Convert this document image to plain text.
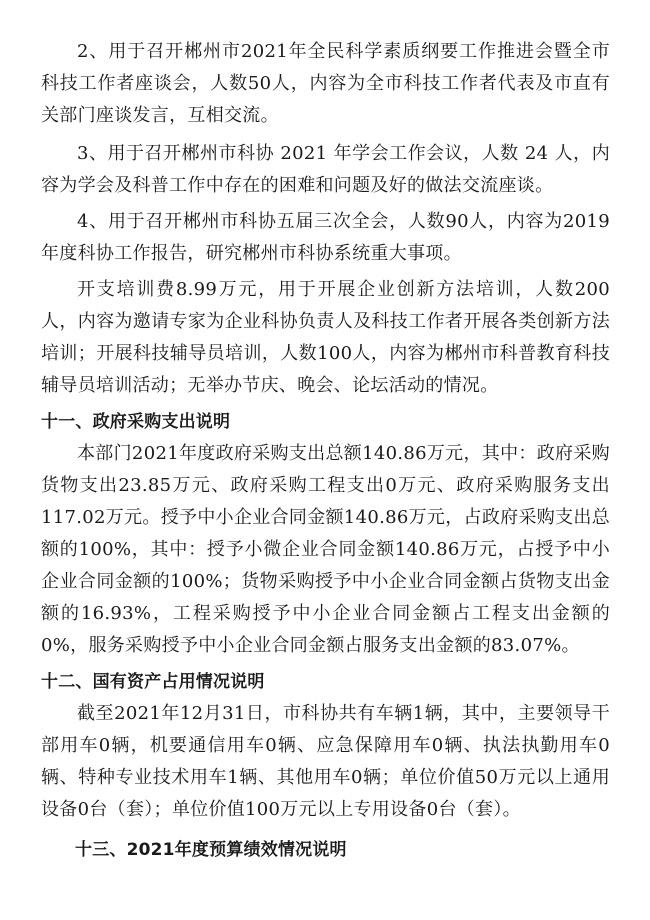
2、用于召开郴州市2021年全民科学素质纲要工作推进会暨全市科技工作者座谈会，人数50人，内容为全市科技工作者代表及市直有关部门座谈发言，互相交流。

3、用于召开郴州市科协 2021 年学会工作会议，人数 24 人，内容为学会及科普工作中存在的困难和问题及好的做法交流座谈。

4、用于召开郴州市科协五届三次全会，人数90人，内容为2019年度科协工作报告，研究郴州市科协系统重大事项。

开支培训费8.99万元，用于开展企业创新方法培训，人数200人，内容为邀请专家为企业科协负责人及科技工作者开展各类创新方法培训；开展科技辅导员培训，人数100人，内容为郴州市科普教育科技辅导员培训活动；无举办节庆、晚会、论坛活动的情况。

十一、政府采购支出说明

本部门2021年度政府采购支出总额140.86万元，其中：政府采购货物支出23.85万元、政府采购工程支出0万元、政府采购服务支出117.02万元。授予中小企业合同金额140.86万元，占政府采购支出总额的100%，其中：授予小微企业合同金额140.86万元，占授予中小企业合同金额的100%；货物采购授予中小企业合同金额占货物支出金额的16.93%，工程采购授予中小企业合同金额占工程支出金额的0%，服务采购授予中小企业合同金额占服务支出金额的83.07%。

十二、国有资产占用情况说明

截至2021年12月31日，市科协共有车辆1辆，其中，主要领导干部用车0辆，机要通信用车0辆、应急保障用车0辆、执法执勤用车0辆、特种专业技术用车1辆、其他用车0辆；单位价值50万元以上通用设备0台（套）；单位价值100万元以上专用设备0台（套）。

十三、2021年度预算绩效情况说明
